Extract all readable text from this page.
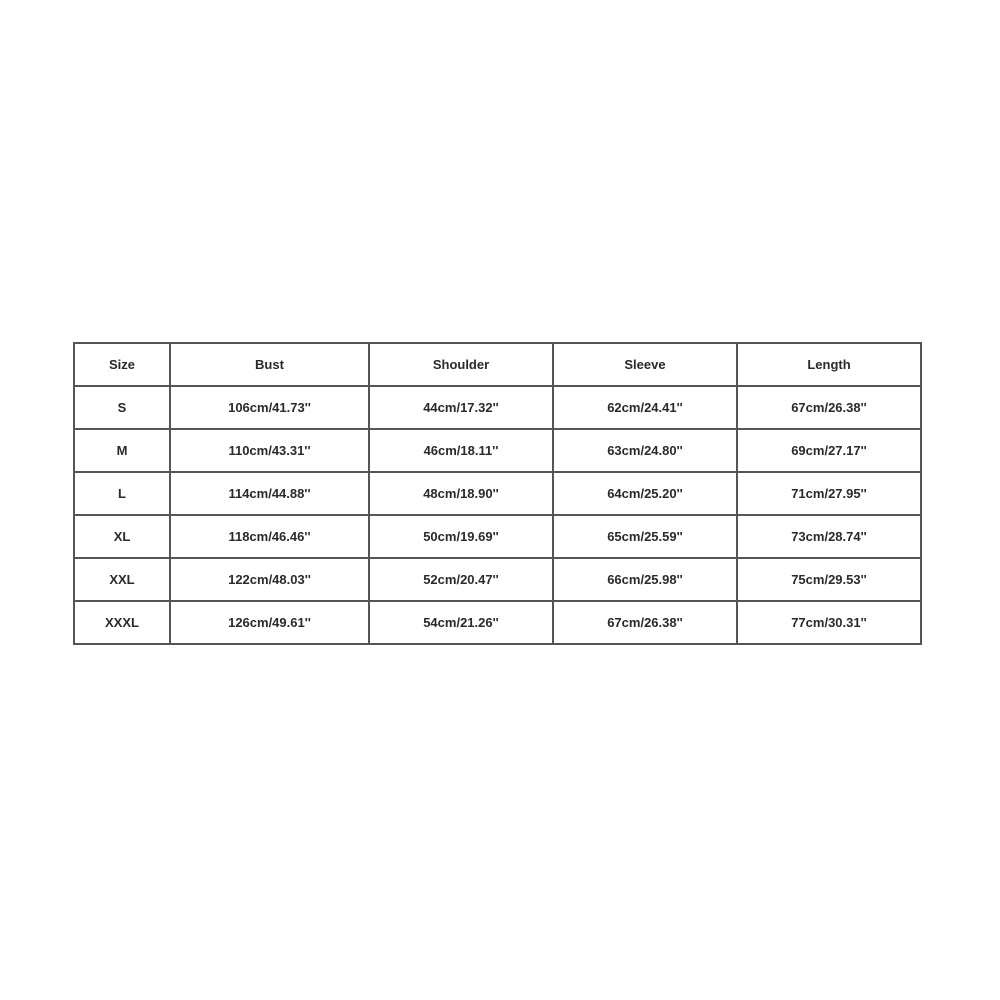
Size	Bust	Shoulder	Sleeve	Length
S	106cm/41.73''	44cm/17.32''	62cm/24.41''	67cm/26.38''
M	110cm/43.31''	46cm/18.11''	63cm/24.80''	69cm/27.17''
L	114cm/44.88''	48cm/18.90''	64cm/25.20''	71cm/27.95''
XL	118cm/46.46''	50cm/19.69''	65cm/25.59''	73cm/28.74''
XXL	122cm/48.03''	52cm/20.47''	66cm/25.98''	75cm/29.53''
XXXL	126cm/49.61''	54cm/21.26''	67cm/26.38''	77cm/30.31''
